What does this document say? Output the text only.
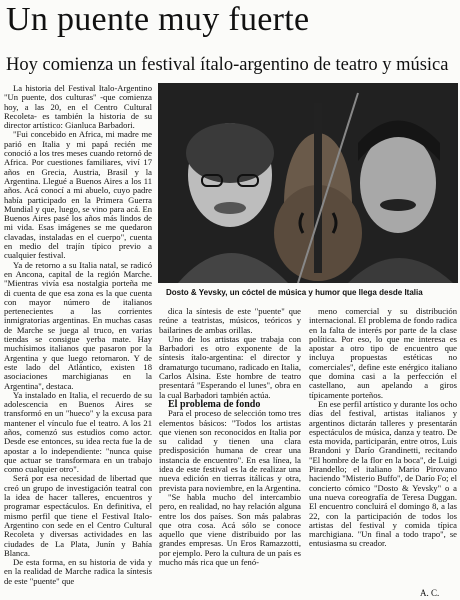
Un puente muy fuerte
Hoy comienza un festival ítalo-argentino de teatro y música

La historia del Festival Italo-Argentino "Un puente, dos culturas" -que comienza hoy, a las 20, en el Centro Cultural Recoleta- es también la historia de su director artístico: Gianluca Barbadori.

"Fui concebido en Africa, mi madre me parió en Italia y mi papá recién me conoció a los tres meses cuando retornó de Africa. Por cuestiones familiares, viví 17 años en Grecia, Austria, Brasil y la Argentina. Llegué a Buenos Aires a los 11 años. Acá conocí a mi abuelo, cuyo padre había participado en la Primera Guerra Mundial y que, luego, se vino para acá. En Buenos Aires pasé los años más lindos de mi vida. Esas imágenes se me quedaron clavadas, instaladas en el cuerpo", cuenta en medio del trajín típico previo a cualquier festival.

Ya de retorno a su Italia natal, se radicó en Ancona, capital de la región Marche. "Mientras vivía esa nostalgia porteña me di cuenta de que esa zona es la que cuenta con mayor número de italianos pertenecientes a las corrientes inmigratorias argentinas. En muchas casas de Marche se juega al truco, en varias tiendas se consigue yerba mate. Hay muchísimos italianos que pasaron por la Argentina y que luego retornaron. Y de este lado del Atlántico, existen 18 asociaciones marchigianas en la Argentina", destaca.

Ya instalado en Italia, el recuerdo de su adolescencia en Buenos Aires se transformó en un "hueco" y la excusa para mantener el vínculo fue el teatro. A los 21 años, comenzó sus estudios como actor. Desde ese entonces, su idea recta fue la de apostar a lo independiente: "nunca quise que actuar se transformara en un trabajo como cualquier otro".

Será por esa necesidad de libertad que creó un grupo de investigación teatral con la idea de hacer talleres, encuentros y programar espectáculos. En definitiva, el mismo perfil que tiene el Festival Italo-Argentino con sede en el Centro Cultural Recoleta y diversas actividades en las ciudades de La Plata, Junín y Bahía Blanca.

De esta forma, en su historia de vida y en la realidad de Marche radica la síntesis de este "puente" que

Dosto & Yevsky, un cóctel de música y humor que llega desde Italia

dica la síntesis de este "puente" que reúne a teatristas, músicos, teóricos y bailarines de ambas orillas.

Uno de los artistas que trabaja con Barbadori es otro exponente de la síntesis ítalo-argentina: el director y dramaturgo tucumano, radicado en Italia, Carlos Alsina. Este hombre de teatro presentará "Esperando el lunes", obra en la cual Barbadori también actúa.

El problema de fondo

Para el proceso de selección tomo tres elementos básicos: "Todos los artistas que vienen son reconocidos en Italia por su calidad y tienen una clara predisposición humana de crear una instancia de encuentro". En esa línea, la idea de este festival es la de realizar una nueva edición en tierras itálicas y otra, prevista para noviembre, en la Argentina.

"Se habla mucho del intercambio pero, en realidad, no hay relación alguna entre los dos países. Son más palabras que otra cosa. Acá sólo se conoce aquello que viene distribuido por las grandes empresas. Un Eros Ramazzotti, por ejemplo. Pero la cultura de un país es mucho más rica que un fenó-

meno comercial y su distribución internacional. El problema de fondo radica en la falta de interés por parte de la clase política. Por eso, lo que me interesa es apostar a otro tipo de encuentro que incluya propuestas estéticas no comerciales", define este enérgico italiano que domina casi a la perfección el castellano, aun apelando a giros típicamente porteños.

En ese perfil artístico y durante los ocho días del festival, artistas italianos y argentinos dictarán talleres y presentarán espectáculos de música, danza y teatro. De esta movida, participarán, entre otros, Luis Brandoni y Darío Grandinetti, recitando "El hombre de la flor en la boca", de Luigi Pirandello; el italiano Mario Pirovano haciendo "Misterio Buffo", de Darío Fo; el concierto cómico "Dosto & Yevsky" o a una nueva coreografía de Teresa Duggan. El encuentro concluirá el domingo 8, a las 22, con la participación de todos los artistas del festival y comida típica marchigiana. "Un final a todo trapo", se entusiasma su creador.

A. C.
